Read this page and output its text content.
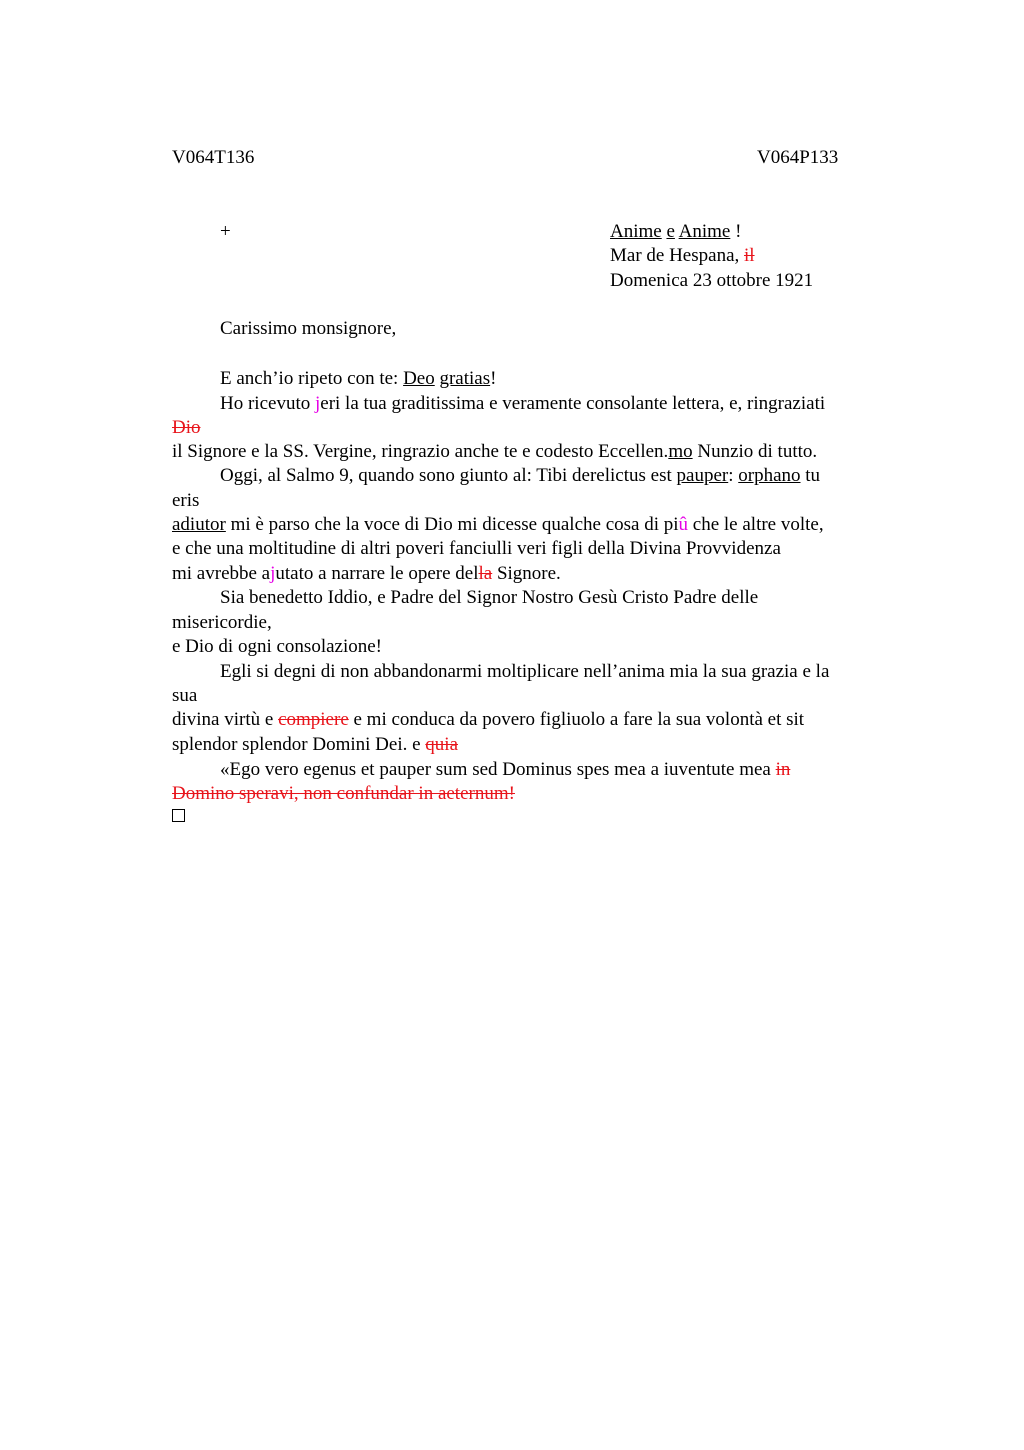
V064T136	V064P133
+	Anime e Anime !
Mar de Hespana, il
Domenica 23 ottobre 1921
Carissimo monsignore,
E anch’io ripeto con te: Deo gratias!
Ho ricevuto jeri la tua graditissima e veramente consolante lettera, e, ringraziati
Dio
il Signore e la SS. Vergine, ringrazio anche te e codesto Eccellen.mo Nunzio di tutto.
Oggi, al Salmo 9, quando sono giunto al: Tibi derelictus est pauper: orphano tu
eris
adiutor mi è parso che la voce di Dio mi dicesse qualche cosa di piû che le altre volte,
e che una moltitudine di altri poveri fanciulli veri figli della Divina Provvidenza
mi avrebbe ajutato a narrare le opere della Signore.
Sia benedetto Iddio, e Padre del Signor Nostro Gesù Cristo Padre delle
misericordie,
e Dio di ogni consolazione!
Egli si degni di non abbandonarmi moltiplicare nell’anima mia la sua grazia e la
sua
divina virtù e compiere e mi conduca da povero figliuolo a fare la sua volontà et sit
splendor splendor Domini Dei. e quia
«Ego vero egenus et pauper sum sed Dominus spes mea a iuventute mea in
Domino speravi, non confundar in aeternum!
